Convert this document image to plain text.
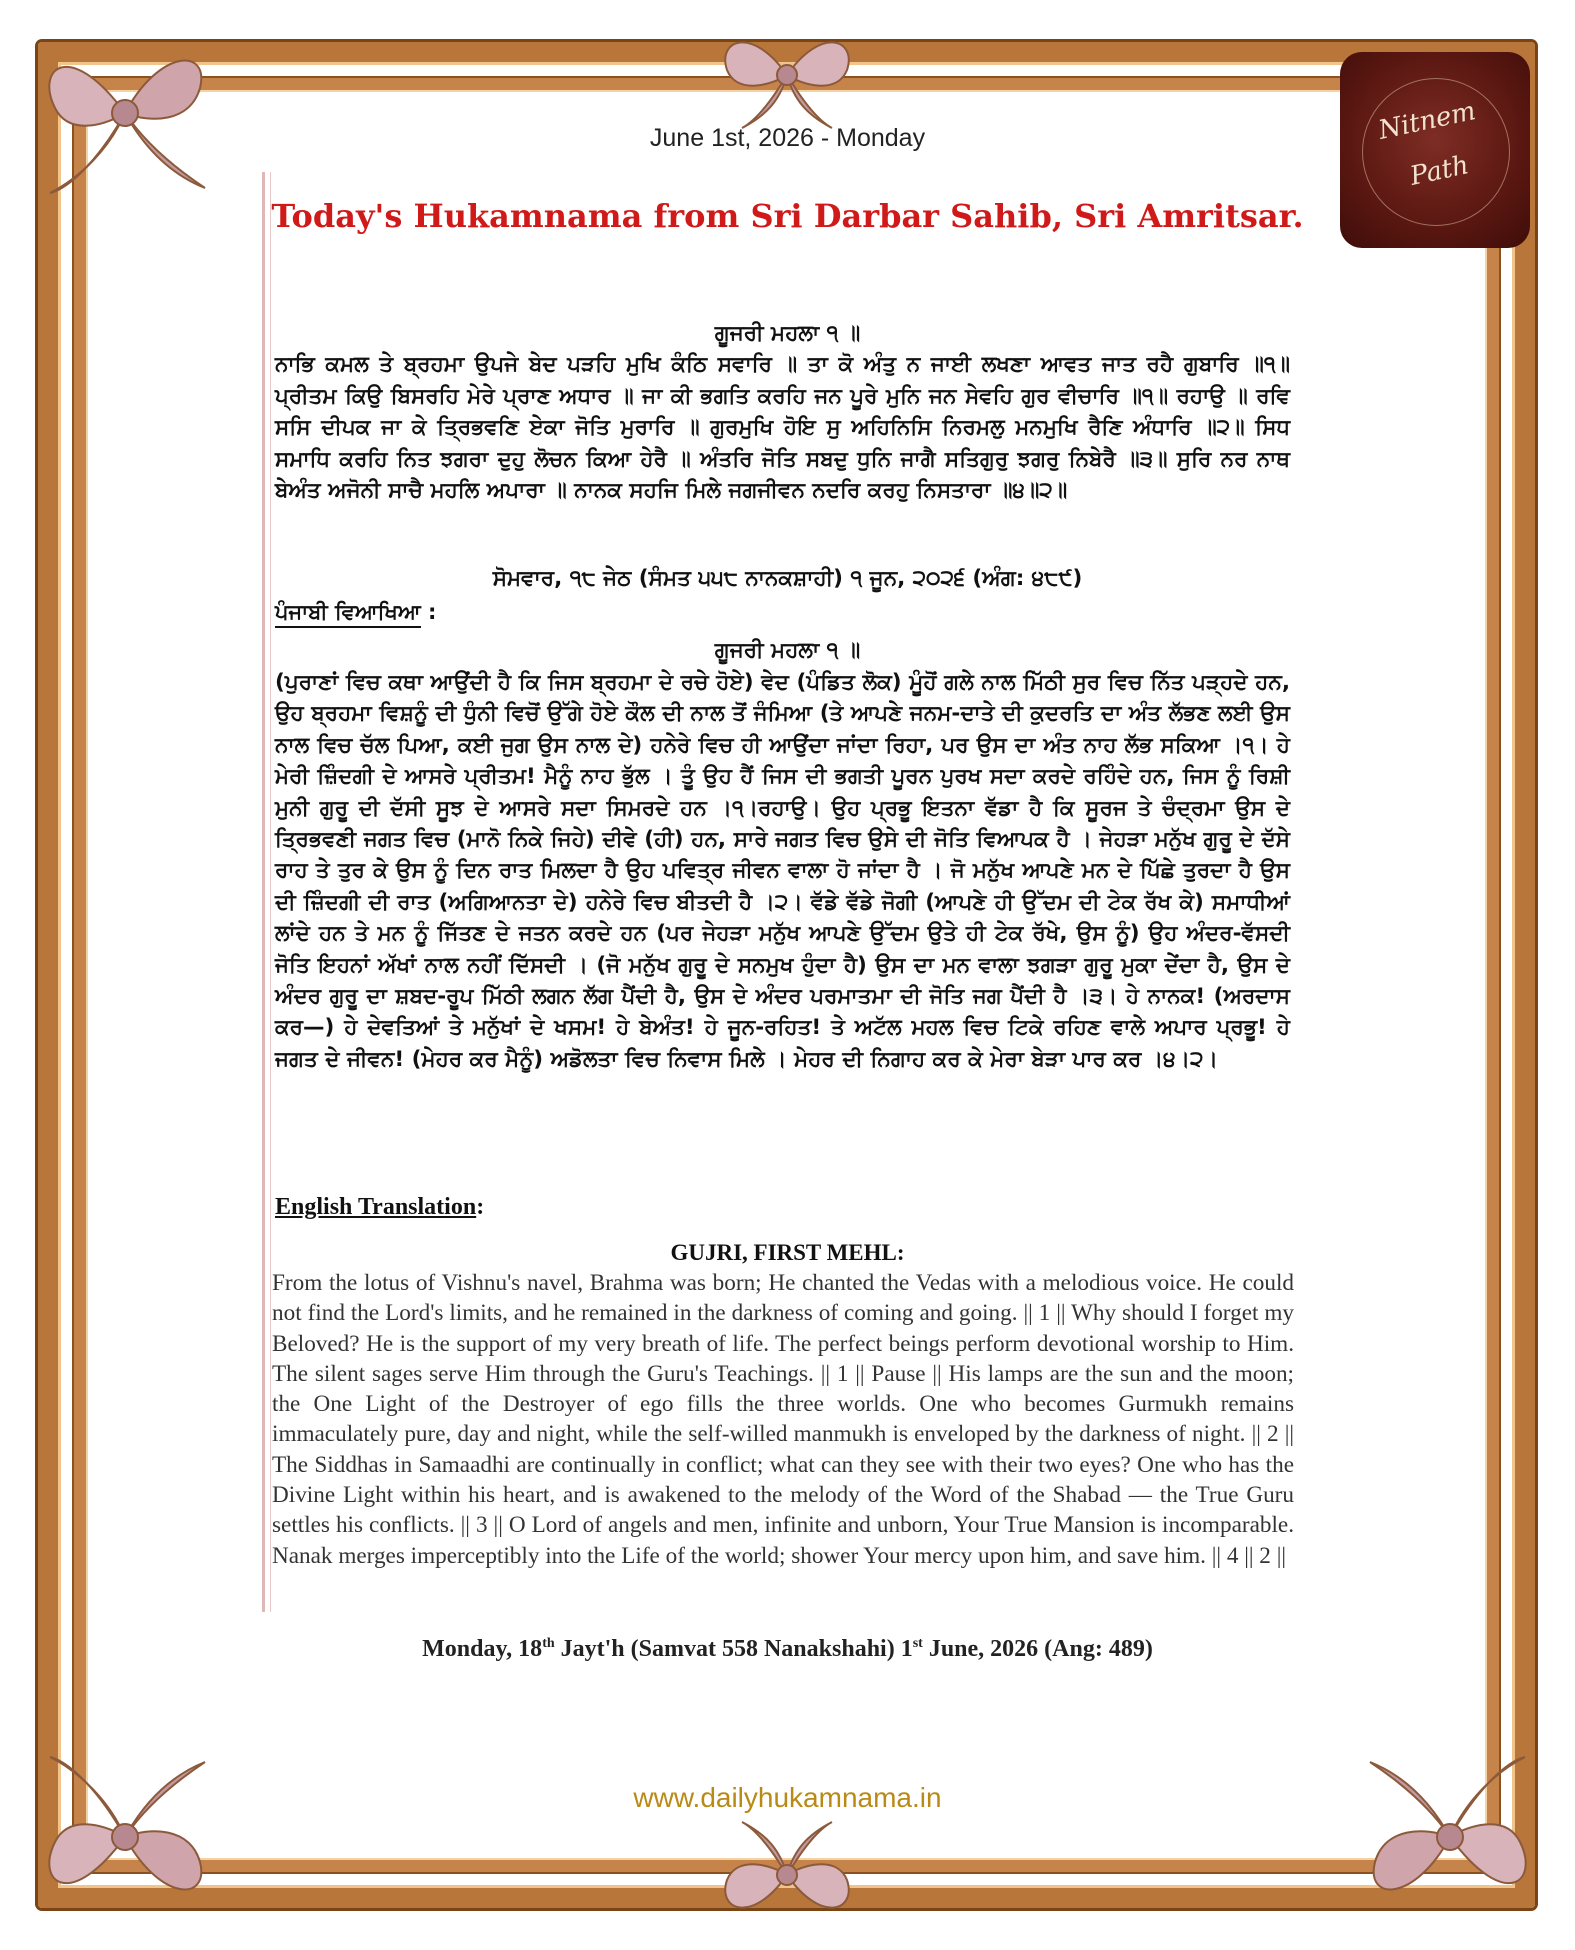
Nitnem
Path
June 1st, 2026 - Monday
Today's Hukamnama from Sri Darbar Sahib, Sri Amritsar.
ਗੂਜਰੀ ਮਹਲਾ ੧ ॥
ਨਾਭਿ ਕਮਲ ਤੇ ਬ੍ਰਹਮਾ ਉਪਜੇ ਬੇਦ ਪੜਹਿ ਮੁਖਿ ਕੰਠਿ ਸਵਾਰਿ ॥ ਤਾ ਕੋ ਅੰਤੁ ਨ ਜਾਈ ਲਖਣਾ ਆਵਤ ਜਾਤ ਰਹੈ ਗੁਬਾਰਿ ॥੧॥ ਪ੍ਰੀਤਮ ਕਿਉ ਬਿਸਰਹਿ ਮੇਰੇ ਪ੍ਰਾਣ ਅਧਾਰ ॥ ਜਾ ਕੀ ਭਗਤਿ ਕਰਹਿ ਜਨ ਪੂਰੇ ਮੁਨਿ ਜਨ ਸੇਵਹਿ ਗੁਰ ਵੀਚਾਰਿ ॥੧॥ ਰਹਾਉ ॥ ਰਵਿ ਸਸਿ ਦੀਪਕ ਜਾ ਕੇ ਤ੍ਰਿਭਵਣਿ ਏਕਾ ਜੋਤਿ ਮੁਰਾਰਿ ॥ ਗੁਰਮੁਖਿ ਹੋਇ ਸੁ ਅਹਿਨਿਸਿ ਨਿਰਮਲੁ ਮਨਮੁਖਿ ਰੈਣਿ ਅੰਧਾਰਿ ॥੨॥ ਸਿਧ ਸਮਾਧਿ ਕਰਹਿ ਨਿਤ ਝਗਰਾ ਦੁਹੁ ਲੋਚਨ ਕਿਆ ਹੇਰੈ ॥ ਅੰਤਰਿ ਜੋਤਿ ਸਬਦੁ ਧੁਨਿ ਜਾਗੈ ਸਤਿਗੁਰੁ ਝਗਰੁ ਨਿਬੇਰੈ ॥੩॥ ਸੁਰਿ ਨਰ ਨਾਥ ਬੇਅੰਤ ਅਜੋਨੀ ਸਾਚੈ ਮਹਲਿ ਅਪਾਰਾ ॥ ਨਾਨਕ ਸਹਜਿ ਮਿਲੇ ਜਗਜੀਵਨ ਨਦਰਿ ਕਰਹੁ ਨਿਸਤਾਰਾ ॥੪॥੨॥
ਸੋਮਵਾਰ, ੧੮ ਜੇਠ (ਸੰਮਤ ੫੫੮ ਨਾਨਕਸ਼ਾਹੀ) ੧ ਜੂਨ, ੨੦੨੬ (ਅੰਗ: ੪੮੯)
ਪੰਜਾਬੀ ਵਿਆਖਿਆ :
ਗੂਜਰੀ ਮਹਲਾ ੧ ॥
(ਪੁਰਾਣਾਂ ਵਿਚ ਕਥਾ ਆਉਂਦੀ ਹੈ ਕਿ ਜਿਸ ਬ੍ਰਹਮਾ ਦੇ ਰਚੇ ਹੋਏ) ਵੇਦ (ਪੰਡਿਤ ਲੋਕ) ਮੂੰਹੋਂ ਗਲੇ ਨਾਲ ਮਿੱਠੀ ਸੁਰ ਵਿਚ ਨਿੱਤ ਪੜ੍ਹਦੇ ਹਨ, ਉਹ ਬ੍ਰਹਮਾ ਵਿਸ਼ਨੂੰ ਦੀ ਧੁੰਨੀ ਵਿਚੋਂ ਉੱਗੇ ਹੋਏ ਕੌਲ ਦੀ ਨਾਲ ਤੋਂ ਜੰਮਿਆ (ਤੇ ਆਪਣੇ ਜਨਮ-ਦਾਤੇ ਦੀ ਕੁਦਰਤਿ ਦਾ ਅੰਤ ਲੱਭਣ ਲਈ ਉਸ ਨਾਲ ਵਿਚ ਚੱਲ ਪਿਆ, ਕਈ ਜੁਗ ਉਸ ਨਾਲ ਦੇ) ਹਨੇਰੇ ਵਿਚ ਹੀ ਆਉਂਦਾ ਜਾਂਦਾ ਰਿਹਾ, ਪਰ ਉਸ ਦਾ ਅੰਤ ਨਾਹ ਲੱਭ ਸਕਿਆ ।੧। ਹੇ ਮੇਰੀ ਜ਼ਿੰਦਗੀ ਦੇ ਆਸਰੇ ਪ੍ਰੀਤਮ! ਮੈਨੂੰ ਨਾਹ ਭੁੱਲ । ਤੂੰ ਉਹ ਹੈਂ ਜਿਸ ਦੀ ਭਗਤੀ ਪੂਰਨ ਪੁਰਖ ਸਦਾ ਕਰਦੇ ਰਹਿੰਦੇ ਹਨ, ਜਿਸ ਨੂੰ ਰਿਸ਼ੀ ਮੁਨੀ ਗੁਰੂ ਦੀ ਦੱਸੀ ਸੂਝ ਦੇ ਆਸਰੇ ਸਦਾ ਸਿਮਰਦੇ ਹਨ ।੧।ਰਹਾਉ। ਉਹ ਪ੍ਰਭੂ ਇਤਨਾ ਵੱਡਾ ਹੈ ਕਿ ਸੂਰਜ ਤੇ ਚੰਦ੍ਰਮਾ ਉਸ ਦੇ ਤ੍ਰਿਭਵਣੀ ਜਗਤ ਵਿਚ (ਮਾਨੋ ਨਿਕੇ ਜਿਹੇ) ਦੀਵੇ (ਹੀ) ਹਨ, ਸਾਰੇ ਜਗਤ ਵਿਚ ਉਸੇ ਦੀ ਜੋਤਿ ਵਿਆਪਕ ਹੈ । ਜੇਹੜਾ ਮਨੁੱਖ ਗੁਰੂ ਦੇ ਦੱਸੇ ਰਾਹ ਤੇ ਤੁਰ ਕੇ ਉਸ ਨੂੰ ਦਿਨ ਰਾਤ ਮਿਲਦਾ ਹੈ ਉਹ ਪਵਿਤ੍ਰ ਜੀਵਨ ਵਾਲਾ ਹੋ ਜਾਂਦਾ ਹੈ । ਜੋ ਮਨੁੱਖ ਆਪਣੇ ਮਨ ਦੇ ਪਿੱਛੇ ਤੁਰਦਾ ਹੈ ਉਸ ਦੀ ਜ਼ਿੰਦਗੀ ਦੀ ਰਾਤ (ਅਗਿਆਨਤਾ ਦੇ) ਹਨੇਰੇ ਵਿਚ ਬੀਤਦੀ ਹੈ ।੨। ਵੱਡੇ ਵੱਡੇ ਜੋਗੀ (ਆਪਣੇ ਹੀ ਉੱਦਮ ਦੀ ਟੇਕ ਰੱਖ ਕੇ) ਸਮਾਧੀਆਂ ਲਾਂਦੇ ਹਨ ਤੇ ਮਨ ਨੂੰ ਜਿੱਤਣ ਦੇ ਜਤਨ ਕਰਦੇ ਹਨ (ਪਰ ਜੇਹੜਾ ਮਨੁੱਖ ਆਪਣੇ ਉੱਦਮ ਉਤੇ ਹੀ ਟੇਕ ਰੱਖੇ, ਉਸ ਨੂੰ) ਉਹ ਅੰਦਰ-ਵੱਸਦੀ ਜੋਤਿ ਇਹਨਾਂ ਅੱਖਾਂ ਨਾਲ ਨਹੀਂ ਦਿੱਸਦੀ । (ਜੋ ਮਨੁੱਖ ਗੁਰੂ ਦੇ ਸਨਮੁਖ ਹੁੰਦਾ ਹੈ) ਉਸ ਦਾ ਮਨ ਵਾਲਾ ਝਗੜਾ ਗੁਰੂ ਮੁਕਾ ਦੇਂਦਾ ਹੈ, ਉਸ ਦੇ ਅੰਦਰ ਗੁਰੂ ਦਾ ਸ਼ਬਦ-ਰੂਪ ਮਿੱਠੀ ਲਗਨ ਲੱਗ ਪੈਂਦੀ ਹੈ, ਉਸ ਦੇ ਅੰਦਰ ਪਰਮਾਤਮਾ ਦੀ ਜੋਤਿ ਜਗ ਪੈਂਦੀ ਹੈ ।੩। ਹੇ ਨਾਨਕ! (ਅਰਦਾਸ ਕਰ—) ਹੇ ਦੇਵਤਿਆਂ ਤੇ ਮਨੁੱਖਾਂ ਦੇ ਖਸਮ! ਹੇ ਬੇਅੰਤ! ਹੇ ਜੂਨ-ਰਹਿਤ! ਤੇ ਅਟੱਲ ਮਹਲ ਵਿਚ ਟਿਕੇ ਰਹਿਣ ਵਾਲੇ ਅਪਾਰ ਪ੍ਰਭੂ! ਹੇ ਜਗਤ ਦੇ ਜੀਵਨ! (ਮੇਹਰ ਕਰ ਮੈਨੂੰ) ਅਡੋਲਤਾ ਵਿਚ ਨਿਵਾਸ ਮਿਲੇ । ਮੇਹਰ ਦੀ ਨਿਗਾਹ ਕਰ ਕੇ ਮੇਰਾ ਬੇੜਾ ਪਾਰ ਕਰ ।੪।੨।
English Translation:
GUJRI, FIRST MEHL:
From the lotus of Vishnu's navel, Brahma was born; He chanted the Vedas with a melodious voice. He could not find the Lord's limits, and he remained in the darkness of coming and going. || 1 || Why should I forget my Beloved? He is the support of my very breath of life. The perfect beings perform devotional worship to Him. The silent sages serve Him through the Guru's Teachings. || 1 || Pause || His lamps are the sun and the moon; the One Light of the Destroyer of ego fills the three worlds. One who becomes Gurmukh remains immaculately pure, day and night, while the self-willed manmukh is enveloped by the darkness of night. || 2 || The Siddhas in Samaadhi are continually in conflict; what can they see with their two eyes? One who has the Divine Light within his heart, and is awakened to the melody of the Word of the Shabad — the True Guru settles his conflicts. || 3 || O Lord of angels and men, infinite and unborn, Your True Mansion is incomparable. Nanak merges imperceptibly into the Life of the world; shower Your mercy upon him, and save him. || 4 || 2 ||
Monday, 18th Jayt'h (Samvat 558 Nanakshahi) 1st June, 2026 (Ang: 489)
www.dailyhukamnama.in
